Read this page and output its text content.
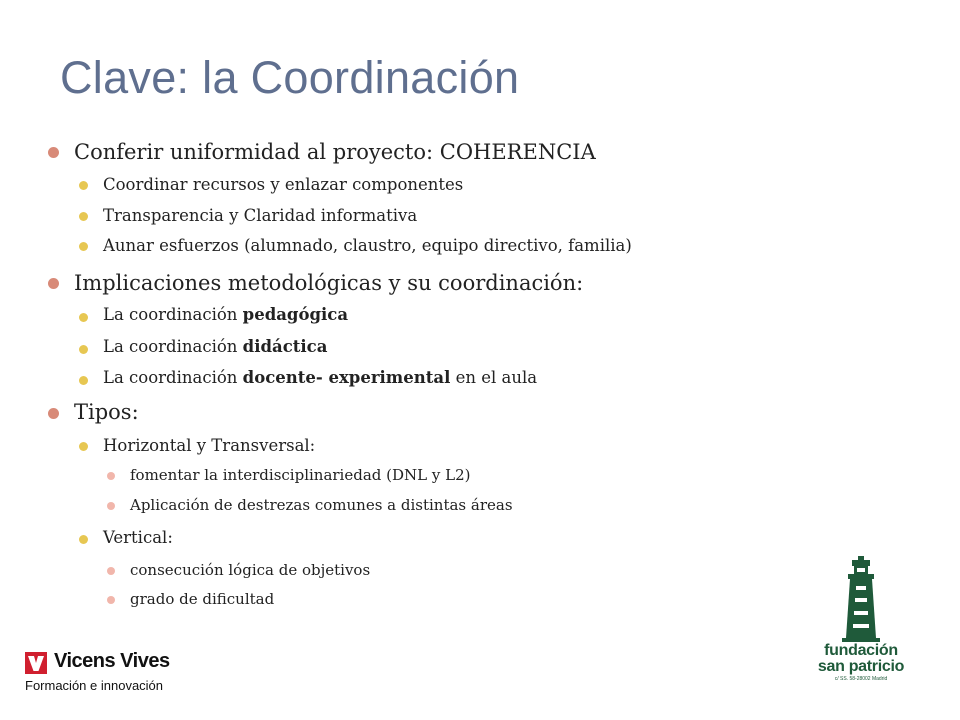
Clave: la Coordinación
Conferir uniformidad al proyecto: COHERENCIA
Coordinar recursos y enlazar componentes
Transparencia y Claridad informativa
Aunar esfuerzos (alumnado, claustro, equipo directivo, familia)
Implicaciones metodológicas y su coordinación:
La coordinación pedagógica
La coordinación didáctica
La coordinación docente- experimental en el aula
Tipos:
Horizontal y Transversal:
fomentar la interdisciplinariedad (DNL y L2)
Aplicación de destrezas comunes a distintas áreas
Vertical:
consecución lógica de objetivos
grado de dificultad
Vicens Vives
Formación e innovación
fundación
san patricio
c/ SS. 58-28002 Madrid
